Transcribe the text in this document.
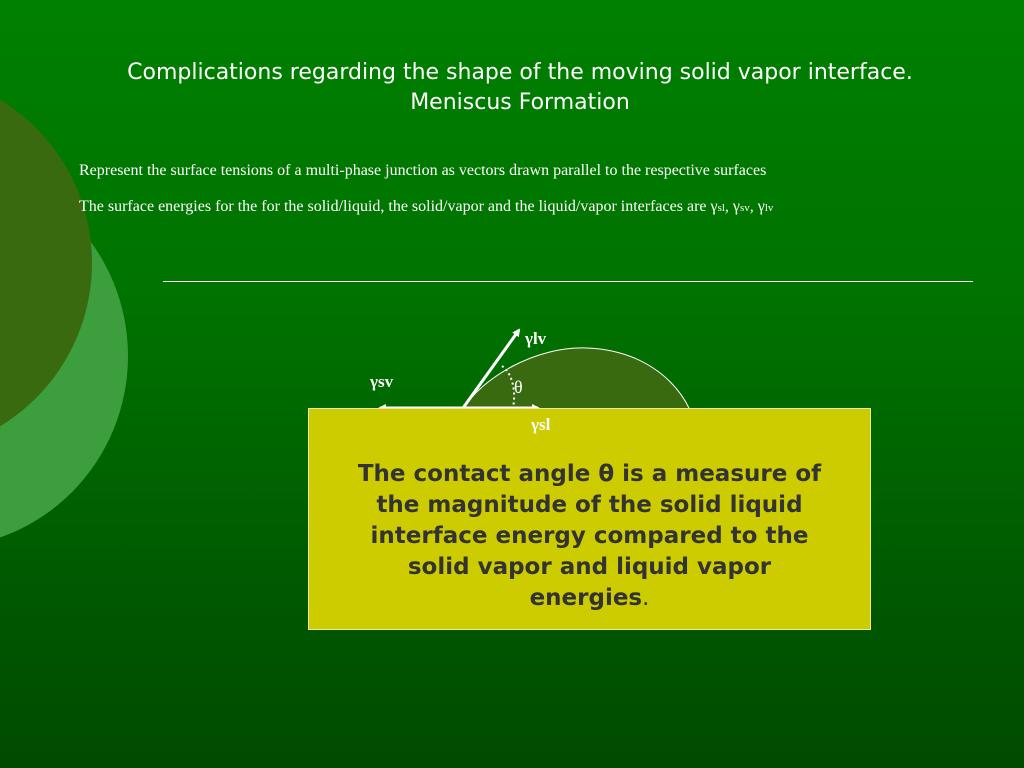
Complications regarding the shape of the moving solid vapor interface.
Meniscus Formation
Represent the surface tensions of a multi-phase junction as vectors drawn parallel to the respective surfaces
The surface energies for the for the solid/liquid, the solid/vapor and the liquid/vapor interfaces are γsl, γsv, γlv
γlv
γsv	θ
The contact angle θ is a measure of the magnitude of the solid liquid interface energy compared to the solid vapor and liquid vapor energies.
γsl
